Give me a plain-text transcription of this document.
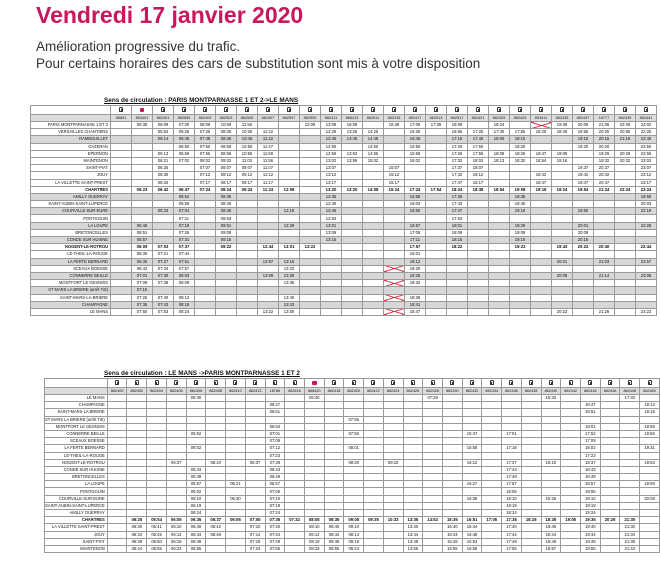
Vendredi 17 janvier 2020
Amélioration progressive du trafic.
Pour certains horaires des cars de substitution sont mis à votre disposition
Sens de circulation : PARIS MONTPARNASSE 1 ET 2->LE MANS

	86691	853401	862401	862555	862403	862503	862505	862407	862507	862509	862411	866413	862511	862415	862417	862513	862517	862421	862425	862429	853411	862435	862437	16777	862439	862441
PARIS MONTPARNASSE 1 ET 2		05:38	06:09	07:00	08:09	10:09	11:56			12:09	13:09	16:09		16:39	17:09	17:39	18:09		18:24			19:39	20:09	21:06	22:09	23:02
VERSAILLES CHANTIERS			05:54	06:25	07:25	08:25	10:25	11:22			12:25	13:25	14:25		15:25		16:55	17:25	17:40	17:55	18:20	18:40	18:55	20:25	20:55	22:25
RAMBOUILLET			06:14	06:45	07:45	08:45	10:45	11:42			12:45	13:45	14:45		15:45		17:15	17:45	18:00	18:15			19:15	20:15	21:15	22:45
GAZERAN				06:50	07:50	08:50	10:50	11:47			12:50		14:50		15:50		17:20	17:50		18:20			19:20	20:20		22:50
EPERNON			06:13	06:56	07:56	08:56	10:56	11:50			12:56	13:53	14:56		15:56		17:26	17:56	18:08	18:26	18:47	19:09		19:26	20:26	22:56
MAINTENON			06:21	07:02	08:02	09:02	11:02	11:56			13:02	13:59	15:02		16:02		17:32	18:02	18:13	18:32	18:54	19:16		19:32	20:32	23:02
SAINT-PIAT			06:25		07:07	08:07	09:07	11:07			13:07			15:07			17:37	18:07					19:37	20:37		23:07
JOUY			06:30		07:12	08:12	09:12	11:12			13:12			15:12			17:42	18:12			18:42		19:42	20:42		23:12
LA VILLETTE SAINT-PREST			06:33		07:17	08:17	09:17	11:17			13:17			15:17			17:47	18:17			18:47		19:47	20:47		23:17
CHARTRES		06:23	06:42	06:47	07:24	08:24	09:24	11:24	12:08		13:20	13:20	14:08	15:24	17:24	17:54	18:24	18:38	18:54	19:08	19:16	19:24	19:54	21:24	22:24	23:24
AMILLY OUERRAY				06:54		08:35					12:35				15:58		17:38			18:35						19:58
SAINT-AUBIN-SAINT-LUPERCE				06:59		08:40					12:40				16:03		17:43			18:40						20:03
COURVILLE-SUR-EURE			05:33	07:04		08:46			12:19		12:46				16:50		17:47			19:16			18:50			22:19
PONTGOUIN				07:11		08:53					12:53						17:53									
LA LOUPE		06:46		07:18		09:01			12:29		13:01				16:57		18:01			19:29			20:01			22:28
BRETONCELLES		06:51		07:26		09:09					13:09				17:05		18:09			19:09			20:09			
CONDE SUR HUISNE		06:57		07:31		09:15					13:15				17:11		18:15			19:15			20:15			
NOGENT-LE-ROTROU		06:09	07:03	07:37		09:22		12:44	13:01	13:22					17:57		18:22			19:22		19:43	20:22	20:40		22:44
LE-THEIL-LA-ROUGE		06:30	07:21	07:44											18:01											
LA FERTE BERNARD		06:35	07:27	07:51				12:57	13:15						18:12							20:21		21:03		22:57
SCEAUX BOESSE		06:42	07:34	07:57					13:23						18:20											
CONNERRE BEILLE		07:01	07:30	08:03				13:09	13:30						18:26							20:08		21:14		23:08
MONTFORT LE GESNOIS		07:09	07:38	08:09					13:35						18:32											
ST MARS LA BRIERE (arrêt TiS)		07:15																								
SAINT-MARS-LA-BRIERE		07:25	07:40	08:13					13:40						18:36											
CHAMPAGNE		07:35	07:43	08:19					13:43						18:41											
LE MANS		07:50	07:53	08:24				13:22	13:50						18:47							20:22		21:28		23:22
Sens de circulation : LE MANS ->PARIS MONTPARNASSE 1 ET 2

	862400	862402	862404	862406	862406	862408	862410	862412	16766	862416	866420	862418	862420	862422	862424	862426	862428	862430	862432	862434	862436	862438	862440	862442	862444	862446	862448	862450
LE MANS					05:30						06:40						07:29						15:33				17:33	
CHAMPAGNE									06:47																18:47			19:13
SAINT-MARS LA BRIERE									06:51																18:51			19:16
ST MARS LA BRIERE (arrêt TiS)													07:55															
MONTFORT LE GESNOIS									06:54																19:01			19:55
CONNERRE BEILLE					05:52				07:01				07:56						15:47		17:01				17:52			19:56
SCEAUX BOESSE									07:09																17:09			
LA FERTE BERNARD					06:02				07:12				08:01						15:58		17:18				18:02			19:31
LE-THEIL-LA-ROUGE									07:23																17:23			
NOGENT-LE-ROTROU				06:37		06:10		06:37	07:39				08:30		09:10				16:12		17:37		18:10		18:37			19:53
CONDE SUR HUISNE					05:43				06:43												17:43				18:43			
BRETONCELLES					05:49				06:49												17:49				18:49			
LA LOUPE					05:57		06:21		06:57										16:27		17:57				18:57			19:59
PONTGOUIN					06:02				07:06												18:06				19:06			
COURVILLE-SUR-EURE					06:10		06:30		07:10										16:36		18:10		18:26		19:10			20:09
SAINT-AUBIN-SAINT-LUPERCE					06:19				07:19												18:19				19:19			
AMILLY OUERRAY					06:24				07:24												18:24				19:24			
CHARTRES		06:25	05:54	06:05	06:35	06:37	06:55	07:05	07:35	07:32	08:05	08:35	09:05	09:35	10:33	13:35	14:52	15:35	16:51	17:05	17:35	18:16	18:35	19:05	19:35	20:26	21:30	
LA VILLETTE SAINT-PREST		06:30	05:41	06:10	06:40	06:42		07:10	07:40		08:10	08:40	09:10			13:40		15:40	16:44		17:40		18:40		19:40		21:30	
JOUY		06:34	05:45	06:14	06:44	06:46		07:14	07:44		08:14	08:44	09:14			13:44		15:44	16:48		17:44		18:44		19:44		21:34	
SAINT-PIAT		06:39	05:50	06:19	06:49			07:19	07:49		08:19	08:49	09:19			13:49		15:49	16:53		17:49		18:49		19:49		21:39	
MAINTENON		06:44	05:55	06:23	06:55			07:23	07:55		08:23	08:55	09:23			13:55		15:55	16:58		17:55		18:57		19:55		21:43	
